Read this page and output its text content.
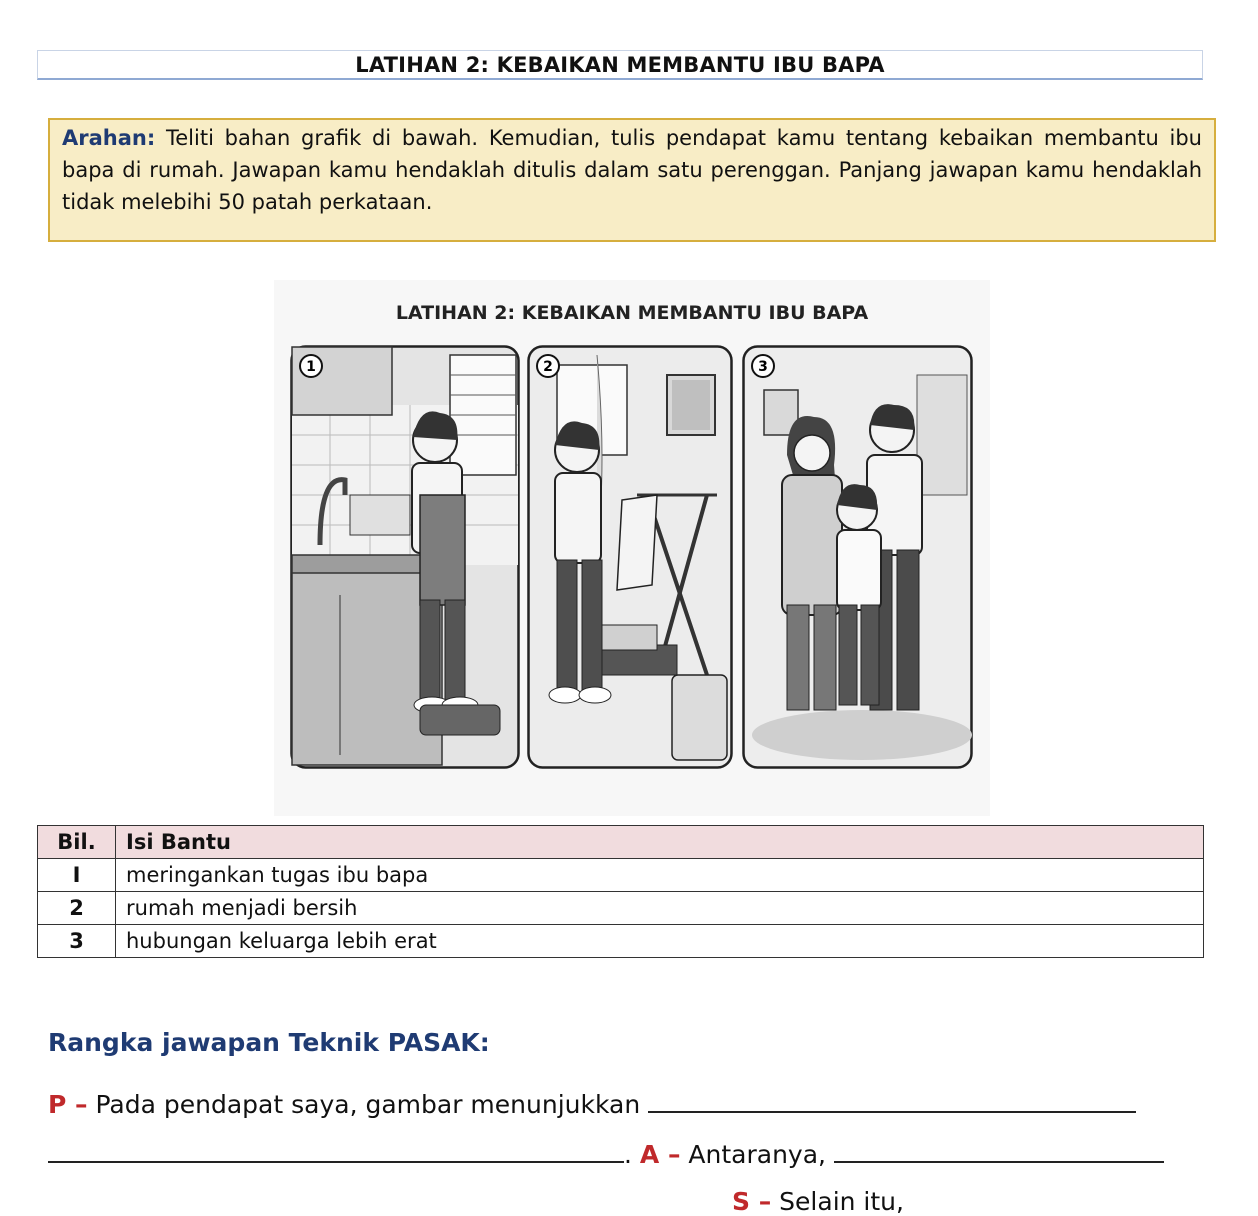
LATIHAN 2: KEBAIKAN MEMBANTU IBU BAPA
Arahan: Teliti bahan grafik di bawah. Kemudian, tulis pendapat kamu tentang kebaikan membantu ibu bapa di rumah. Jawapan kamu hendaklah ditulis dalam satu perenggan. Panjang jawapan kamu hendaklah tidak melebihi 50 patah perkataan.
LATIHAN 2: KEBAIKAN MEMBANTU IBU BAPA
1	2	3
Bil.	Isi Bantu
I	meringankan tugas ibu bapa
2	rumah menjadi bersih
3	hubungan keluarga lebih erat
Rangka jawapan Teknik PASAK:
P – Pada pendapat saya, gambar menunjukkan
. A – Antaranya,
S – Selain itu,
